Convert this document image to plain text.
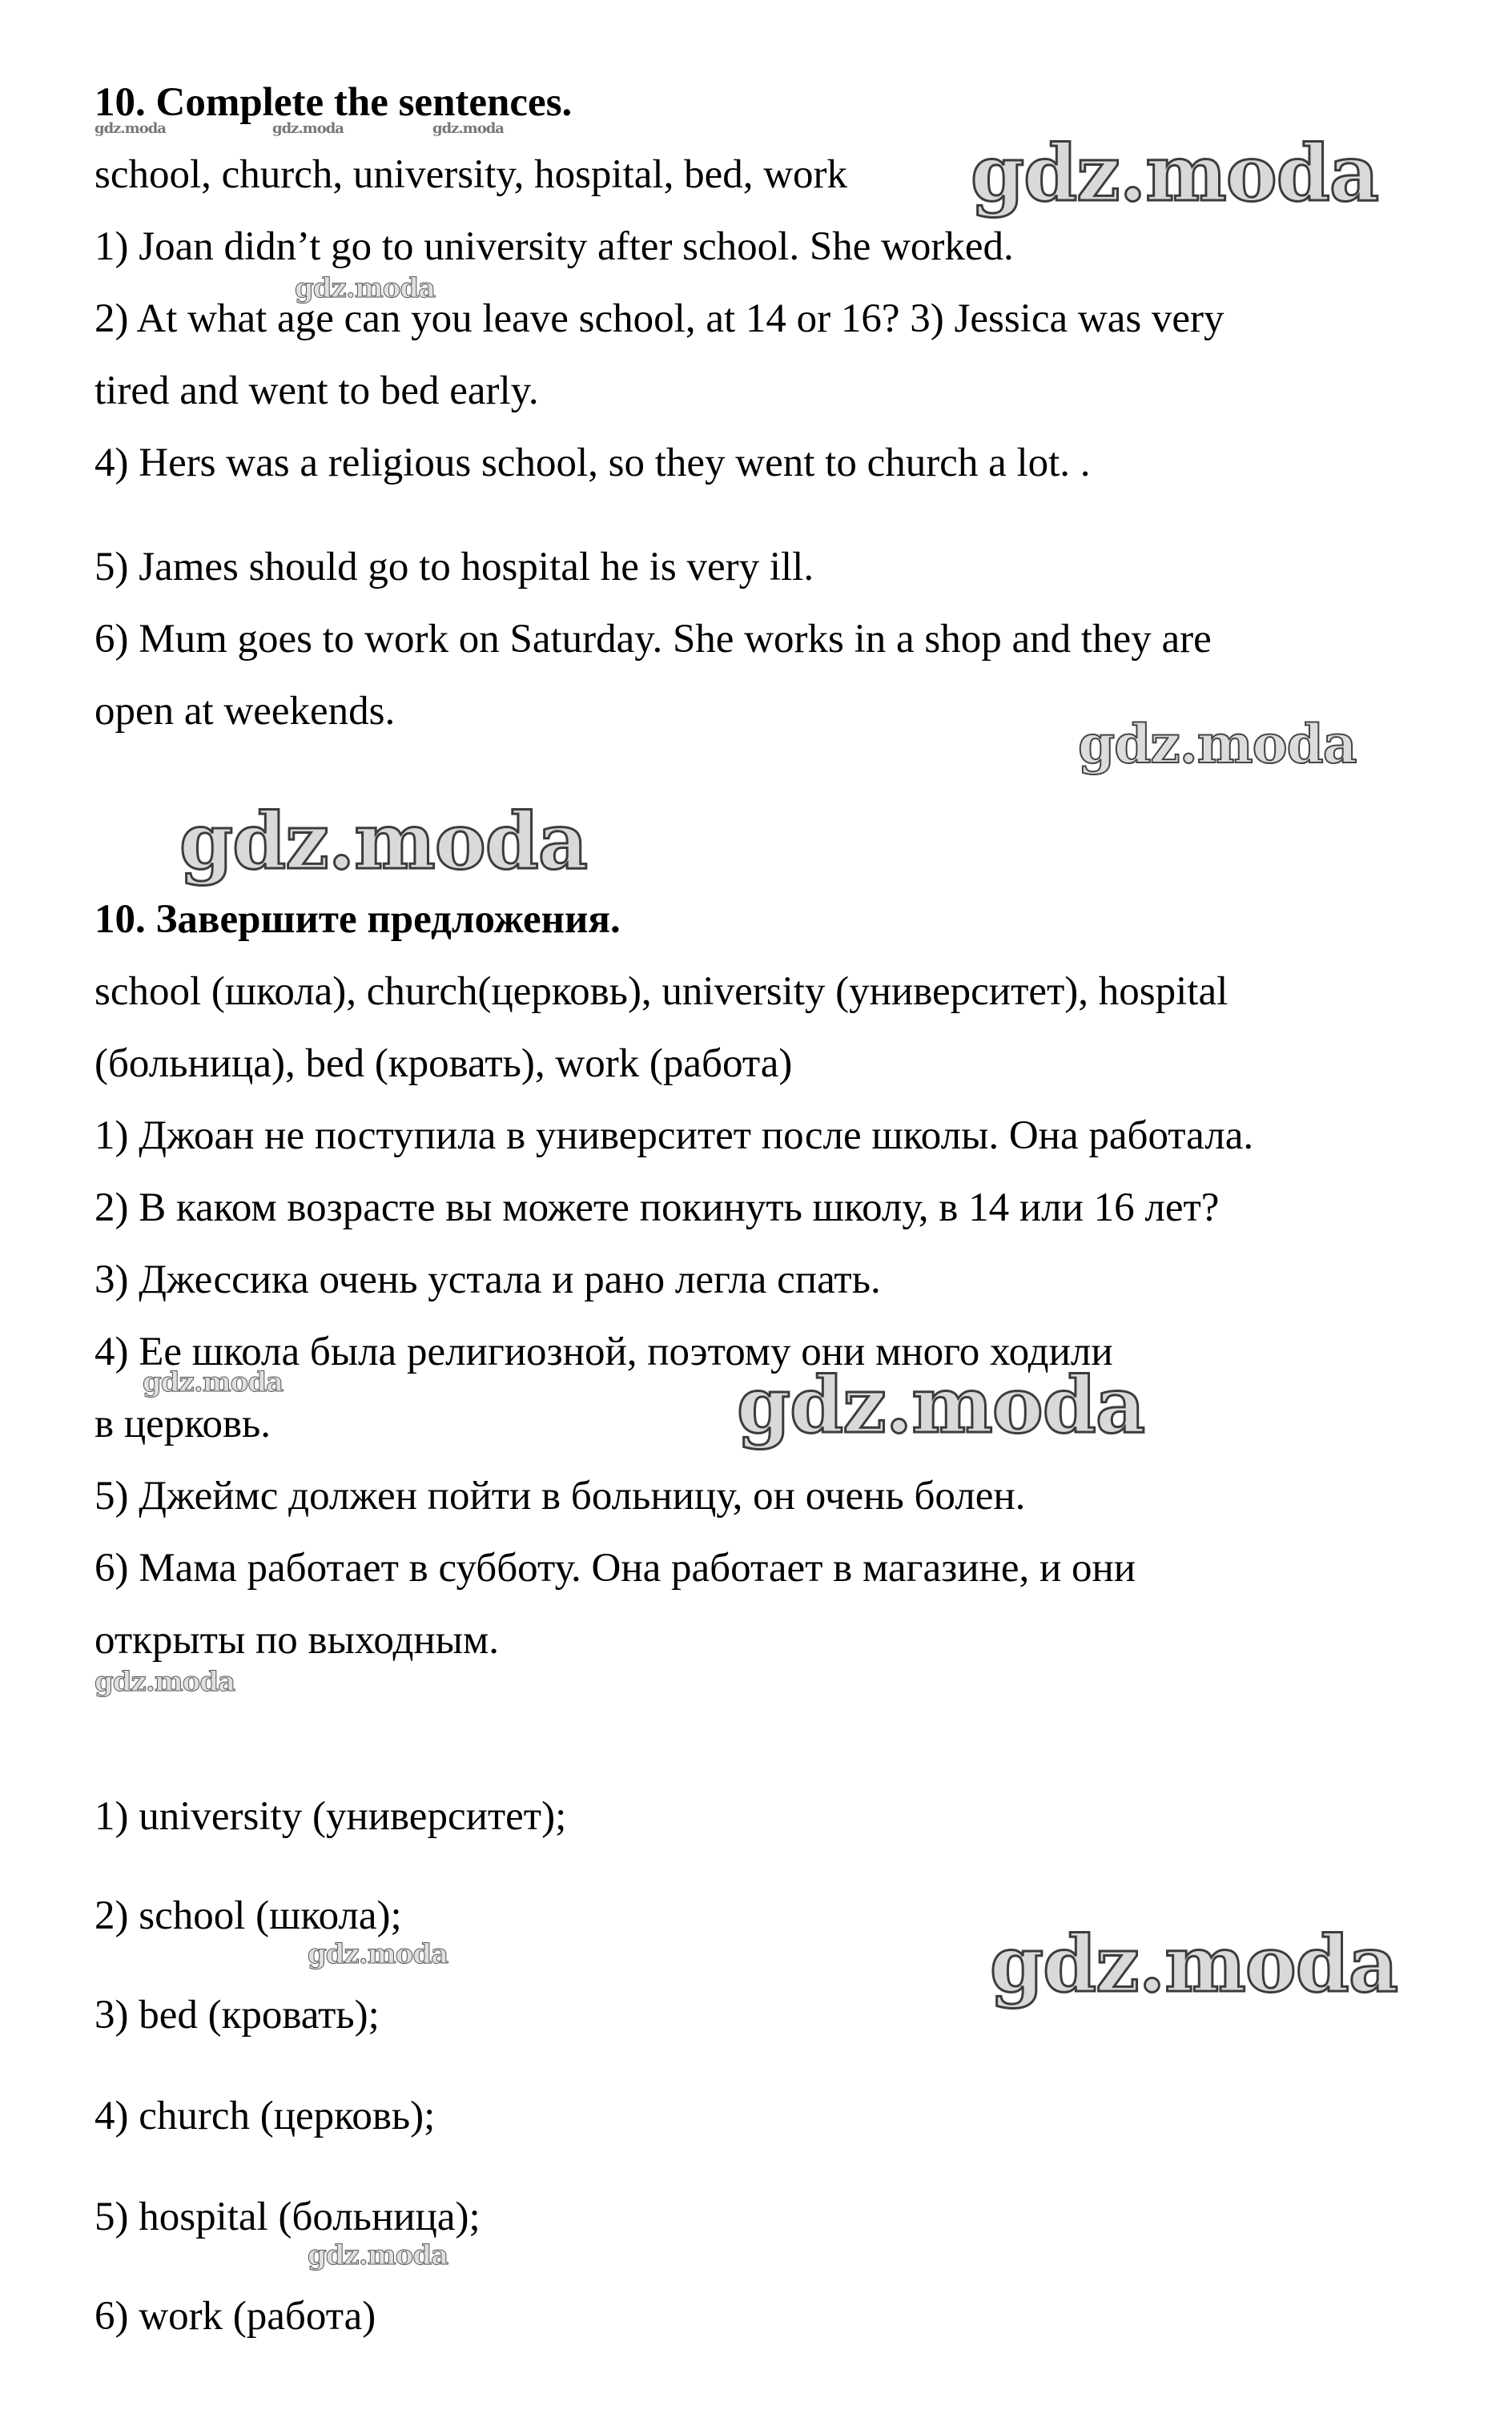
10. Complete the sentences.
school, church, university, hospital, bed, work
1) Joan didn’t go to university after school. She worked.
2) At what age can you leave school, at 14 or 16? 3) Jessica was very
tired and went to bed early.
4) Hers was a religious school, so they went to church a lot. .
5) James should go to hospital he is very ill.
6) Mum goes to work on Saturday. She works in a shop and they are
open at weekends.
10. Завершите предложения.
school (школа), church(церковь), university (университет), hospital
(больница), bed (кровать), work (работа)
1) Джоан не поступила в университет после школы. Она работала.
2) В каком возрасте вы можете покинуть школу, в 14 или 16 лет?
3) Джессика очень устала и рано легла спать.
4) Ее школа была религиозной, поэтому они много ходили
в церковь.
5) Джеймс должен пойти в больницу, он очень болен.
6) Мама работает в субботу. Она работает в магазине, и они
открыты по выходным.
1) university (университет);
2) school (школа);
3) bed (кровать);
4) church (церковь);
5) hospital (больница);
6) work (работа)
gdz.moda	gdz.moda	gdz.moda	gdz.moda
gdz.moda
gdz.moda
gdz.moda
gdz.moda	gdz.moda
gdz.moda
gdz.moda	gdz.moda
gdz.moda
